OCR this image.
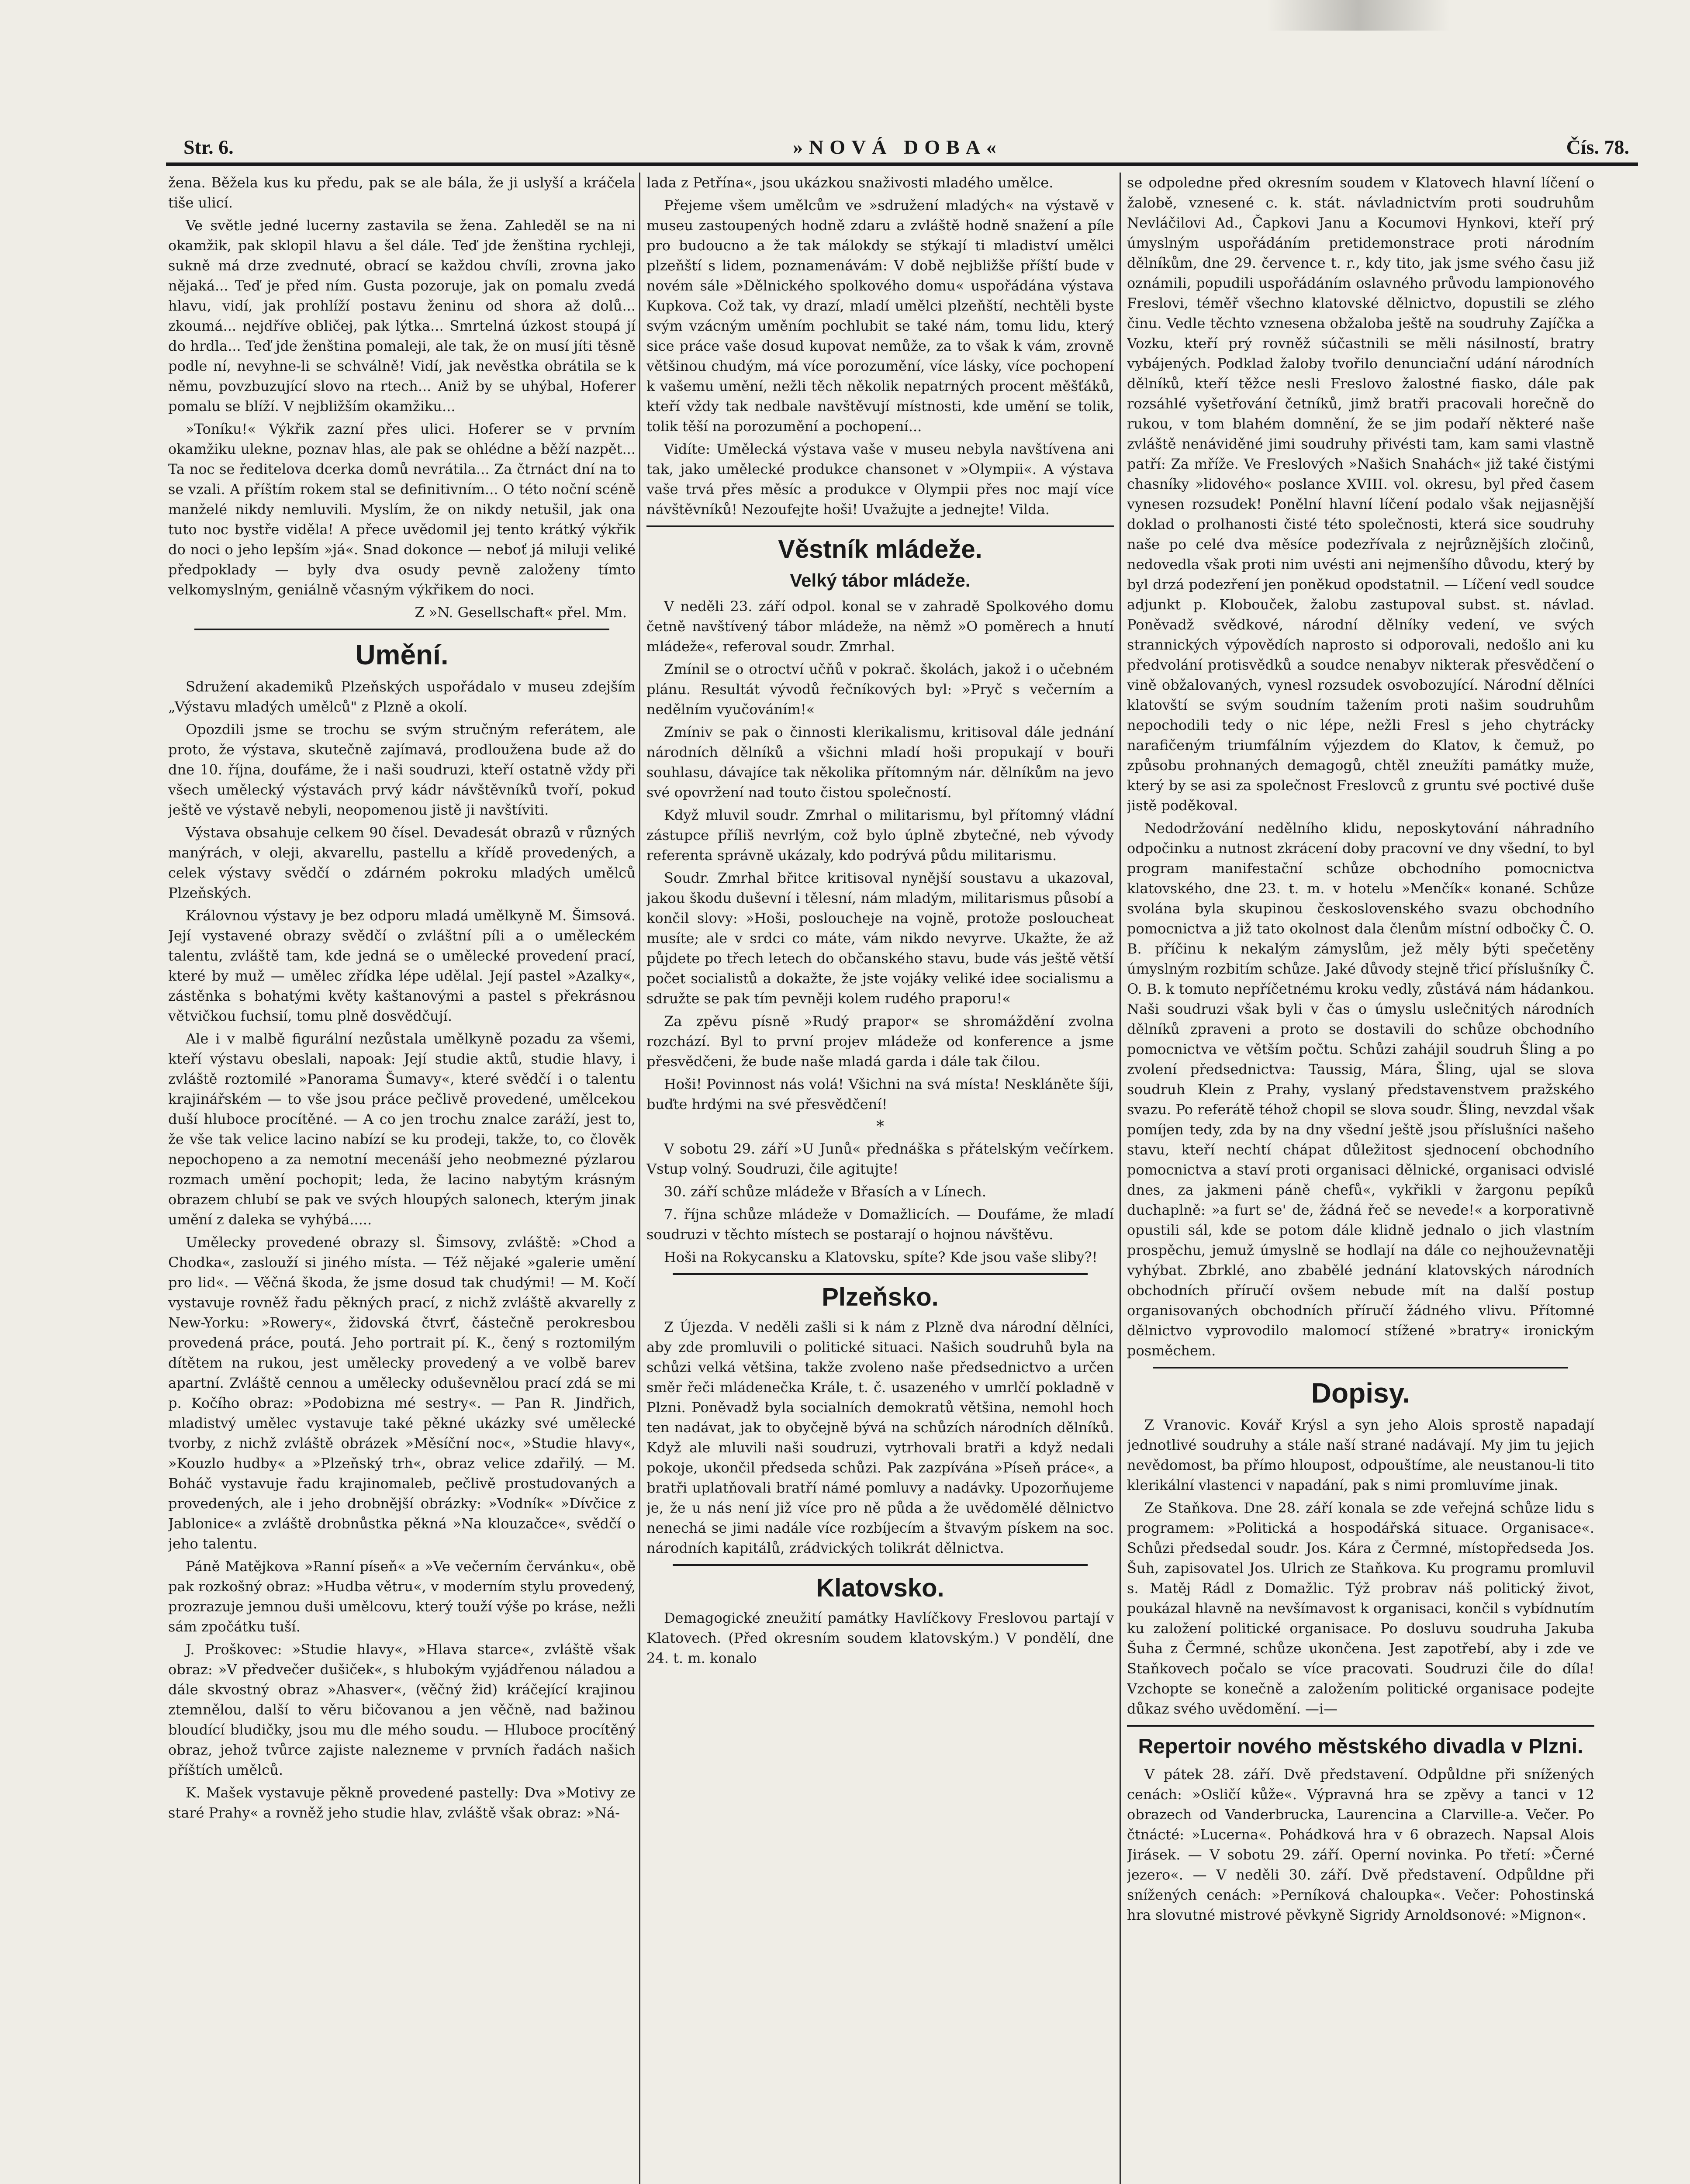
Str. 6.	»NOVÁ DOBA«	Čís. 78.

žena. Běžela kus ku předu, pak se ale bála, že ji uslyší a kráčela tiše ulicí.

Ve světle jedné lucerny zastavila se žena. Zahleděl se na ni okamžik, pak sklopil hlavu a šel dále. Teď jde ženština rychleji, sukně má drze zvednuté, obrací se každou chvíli, zrovna jako nějaká... Teď je před ním. Gusta pozoruje, jak on pomalu zvedá hlavu, vidí, jak prohlíží postavu ženinu od shora až dolů... zkoumá... nejdříve obličej, pak lýtka... Smrtelná úzkost stoupá jí do hrdla... Teď jde ženština pomaleji, ale tak, že on musí jíti těsně podle ní, nevyhne-li se schválně! Vidí, jak nevěstka obrátila se k němu, povzbuzující slovo na rtech... Aniž by se uhýbal, Hoferer pomalu se blíží. V nejbližším okamžiku...

»Toníku!« Výkřik zazní přes ulici. Hoferer se v prvním okamžiku ulekne, poznav hlas, ale pak se ohlédne a běží nazpět... Ta noc se ředitelova dcerka domů nevrátila... Za čtrnáct dní na to se vzali. A příštím rokem stal se definitivním... O této noční scéně manželé nikdy nemluvili. Myslím, že on nikdy netušil, jak ona tuto noc bystře viděla! A přece uvědomil jej tento krátký výkřik do noci o jeho lepším »já«. Snad dokonce — neboť já miluji veliké předpoklady — byly dva osudy pevně založeny tímto velkomyslným, geniálně včasným výkřikem do noci.

Z »N. Gesellschaft« přel. Mm.
Umění.

Sdružení akademiků Plzeňských uspořádalo v museu zdejším „Výstavu mladých umělců" z Plzně a okolí.

Opozdili jsme se trochu se svým stručným referátem, ale proto, že výstava, skutečně zajímavá, prodloužena bude až do dne 10. října, doufáme, že i naši soudruzi, kteří ostatně vždy při všech umělecký výstavách prvý kádr návštěvníků tvoří, pokud ještě ve výstavě nebyli, neopomenou jistě ji navštíviti.

Výstava obsahuje celkem 90 čísel. Devadesát obrazů v různých manýrách, v oleji, akvarellu, pastellu a křídě provedených, a celek výstavy svědčí o zdárném pokroku mladých umělců Plzeňských.

Královnou výstavy je bez odporu mladá umělkyně M. Šimsová. Její vystavené obrazy svědčí o zvláštní píli a o uměleckém talentu, zvláště tam, kde jedná se o umělecké provedení prací, které by muž — umělec zřídka lépe udělal. Její pastel »Azalky«, zástěnka s bohatými květy kaštanovými a pastel s překrásnou větvičkou fuchsií, tomu plně dosvědčují.

Ale i v malbě figurální nezůstala umělkyně pozadu za všemi, kteří výstavu obeslali, napoak: Její studie aktů, studie hlavy, i zvláště roztomilé »Panorama Šumavy«, které svědčí i o talentu krajinářském — to vše jsou práce pečlivě provedené, umělcekou duší hluboce procítěné. — A co jen trochu znalce zaráží, jest to, že vše tak velice lacino nabízí se ku prodeji, takže, to, co člověk nepochopeno a za nemotní mecenáší jeho neobmezné pýzlarou rozmach umění pochopit; leda, že lacino nabytým krásným obrazem chlubí se pak ve svých hloupých salonech, kterým jinak umění z daleka se vyhýbá.....

Umělecky provedené obrazy sl. Šimsovy, zvláště: »Chod a Chodka«, zaslouží si jiného místa. — Též nějaké »galerie umění pro lid«. — Věčná škoda, že jsme dosud tak chudými! — M. Kočí vystavuje rovněž řadu pěkných prací, z nichž zvláště akvarelly z New-Yorku: »Rowery«, židovská čtvrť, částečně perokresbou provedená práce, poutá. Jeho portrait pí. K., čený s roztomilým dítětem na rukou, jest umělecky provedený a ve volbě barev apartní. Zvláště cennou a umělecky oduševnělou prací zdá se mi p. Kočího obraz: »Podobizna mé sestry«. — Pan R. Jindřich, mladistvý umělec vystavuje také pěkné ukázky své umělecké tvorby, z nichž zvláště obrázek »Měsíční noc«, »Studie hlavy«, »Kouzlo hudby« a »Plzeňský trh«, obraz velice zdařilý. — M. Boháč vystavuje řadu krajinomaleb, pečlivě prostudovaných a provedených, ale i jeho drobnější obrázky: »Vodník« »Dívčice z Jablonice« a zvláště drobnůstka pěkná »Na klouzačce«, svědčí o jeho talentu.

Páně Matějkova »Ranní píseň« a »Ve večerním červánku«, obě pak rozkošný obraz: »Hudba větru«, v moderním stylu provedený, prozrazuje jemnou duši umělcovu, který touží výše po kráse, nežli sám zpočátku tuší.

J. Proškovec: »Studie hlavy«, »Hlava starce«, zvláště však obraz: »V předvečer dušiček«, s hlubokým vyjádřenou náladou a dále skvostný obraz »Ahasver«, (věčný žid) kráčející krajinou ztemnělou, další to věru bičovanou a jen věčně, nad bažinou bloudící bludičky, jsou mu dle mého soudu. — Hluboce procítěný obraz, jehož tvůrce zajiste nalezneme v prvních řadách našich příštích umělců.

K. Mašek vystavuje pěkně provedené pastelly: Dva »Motivy ze staré Prahy« a rovněž jeho studie hlav, zvláště však obraz: »Ná-

lada z Petřína«, jsou ukázkou snaživosti mladého umělce.

Přejeme všem umělcům ve »sdružení mladých« na výstavě v museu zastoupených hodně zdaru a zvláště hodně snažení a píle pro budoucno a že tak málokdy se stýkají ti mladiství umělci plzeňští s lidem, poznamenávám: V době nejbližše příští bude v novém sále »Dělnického spolkového domu« uspořádána výstava Kupkova. Což tak, vy drazí, mladí umělci plzeňští, nechtěli byste svým vzácným uměním pochlubit se také nám, tomu lidu, který sice práce vaše dosud kupovat nemůže, za to však k vám, zrovně většinou chudým, má více porozumění, více lásky, více pochopení k vašemu umění, nežli těch několik nepatrných procent měšťáků, kteří vždy tak nedbale navštěvují místnosti, kde umění se tolik, tolik těší na porozumění a pochopení...

Vidíte: Umělecká výstava vaše v museu nebyla navštívena ani tak, jako umělecké produkce chansonet v »Olympii«. A výstava vaše trvá přes měsíc a produkce v Olympii přes noc mají více návštěvníků! Nezoufejte hoši! Uvažujte a jednejte! Vilda.

Věstník mládeže.
Velký tábor mládeže.

V neděli 23. září odpol. konal se v zahradě Spolkového domu četně navštívený tábor mládeže, na němž »O poměrech a hnutí mládeže«, referoval soudr. Zmrhal.

Zmínil se o otroctví učňů v pokrač. školách, jakož i o učebném plánu. Resultát vývodů řečníkových byl: »Pryč s večerním a nedělním vyučováním!«

Zmíniv se pak o činnosti klerikalismu, kritisoval dále jednání národních dělníků a všichni mladí hoši propukají v bouři souhlasu, dávajíce tak několika přítomným nár. dělníkům na jevo své opovržení nad touto čistou společností.

Když mluvil soudr. Zmrhal o militarismu, byl přítomný vládní zástupce příliš nevrlým, což bylo úplně zbytečné, neb vývody referenta správně ukázaly, kdo podrývá půdu militarismu.

Soudr. Zmrhal břitce kritisoval nynější soustavu a ukazoval, jakou škodu duševní i tělesní, nám mladým, militarismus působí a končil slovy: »Hoši, posloucheje na vojně, protože posloucheat musíte; ale v srdci co máte, vám nikdo nevyrve. Ukažte, že až půjdete po třech letech do občanského stavu, bude vás ještě větší počet socialistů a dokažte, že jste vojáky veliké idee socialismu a sdružte se pak tím pevněji kolem rudého praporu!«

Za zpěvu písně »Rudý prapor« se shromáždění zvolna rozchází. Byl to první projev mládeže od konference a jsme přesvědčeni, že bude naše mladá garda i dále tak čilou.

Hoši! Povinnost nás volá! Všichni na svá místa! Neskláněte šíji, buďte hrdými na své přesvědčení!

*

V sobotu 29. září »U Junů« přednáška s přátelským večírkem. Vstup volný. Soudruzi, čile agitujte!

30. září schůze mládeže v Břasích a v Línech.

7. října schůze mládeže v Domažlicích. — Doufáme, že mladí soudruzi v těchto místech se postarají o hojnou návštěvu.

Hoši na Rokycansku a Klatovsku, spíte? Kde jsou vaše sliby?!

Plzeňsko.

Z Újezda. V neděli zašli si k nám z Plzně dva národní dělníci, aby zde promluvili o politické situaci. Našich soudruhů byla na schůzi velká většina, takže zvoleno naše předsednictvo a určen směr řeči mládenečka Krále, t. č. usazeného v umrlčí pokladně v Plzni. Poněvadž byla socialních demokratů většina, nemohl hoch ten nadávat, jak to obyčejně bývá na schůzích národních dělníků. Když ale mluvili naši soudruzi, vytrhovali bratři a když nedali pokoje, ukončil předseda schůzi. Pak zazpívána »Píseň práce«, a bratři uplatňovali bratří námé pomluvy a nadávky. Upozorňujeme je, že u nás není již více pro ně půda a že uvědomělé dělnictvo nenechá se jimi nadále více rozbíjecím a štvavým pískem na soc. národních kapitálů, zrádvických tolikrát dělnictva.

Klatovsko.

Demagogické zneužití památky Havlíčkovy Freslovou partají v Klatovech. (Před okresním soudem klatovským.) V pondělí, dne 24. t. m. konalo

se odpoledne před okresním soudem v Klatovech hlavní líčení o žalobě, vznesené c. k. stát. návladnictvím proti soudruhům Nevláčilovi Ad., Čapkovi Janu a Kocumovi Hynkovi, kteří prý úmyslným uspořádáním pretidemonstrace proti národním dělníkům, dne 29. července t. r., kdy tito, jak jsme svého času již oznámili, popudili uspořádáním oslavného průvodu lampionového Freslovi, téměř všechno klatovské dělnictvo, dopustili se zlého činu. Vedle těchto vznesena obžaloba ještě na soudruhy Zajíčka a Vozku, kteří prý rovněž súčastnili se měli násilností, bratry vybájených. Podklad žaloby tvořilo denunciační udání národních dělníků, kteří těžce nesli Freslovo žalostné fiasko, dále pak rozsáhlé vyšetřování četníků, jimž bratři pracovali horečně do rukou, v tom blahém domnění, že se jim podaří některé naše zvláště nenáviděné jimi soudruhy přivésti tam, kam sami vlastně patří: Za mříže. Ve Freslových »Našich Snahách« již také čistými chasníky »lidového« poslance XVIII. vol. okresu, byl před časem vynesen rozsudek! Ponělní hlavní líčení podalo však nejjasnější doklad o prolhanosti čisté této společnosti, která sice soudruhy naše po celé dva měsíce podezřívala z nejrůznějších zločinů, nedovedla však proti nim uvésti ani nejmenšího důvodu, který by byl drzá podezření jen poněkud opodstatnil. — Líčení vedl soudce adjunkt p. Klobouček, žalobu zastupoval subst. st. návlad. Poněvadž svědkové, národní dělníky vedení, ve svých strannických výpovědích naprosto si odporovali, nedošlo ani ku předvolání protisvědků a soudce nenabyv nikterak přesvědčení o vině obžalovaných, vynesl rozsudek osvobozující. Národní dělníci klatovští se svým soudním tažením proti našim soudruhům nepochodili tedy o nic lépe, nežli Fresl s jeho chytrácky narafičeným triumfálním výjezdem do Klatov, k čemuž, po způsobu prohnaných demagogů, chtěl zneužíti památky muže, který by se asi za společnost Freslovců z gruntu své poctivé duše jistě poděkoval.

Nedodržování nedělního klidu, neposkytování náhradního odpočinku a nutnost zkrácení doby pracovní ve dny všední, to byl program manifestační schůze obchodního pomocnictva klatovského, dne 23. t. m. v hotelu »Menčík« konané. Schůze svolána byla skupinou československého svazu obchodního pomocnictva a již tato okolnost dala členům místní odbočky Č. O. B. příčinu k nekalým zámyslům, jež měly býti spečetěny úmyslným rozbitím schůze. Jaké důvody stejně třicí příslušníky Č. O. B. k tomuto nepříčetnému kroku vedly, zůstává nám hádankou. Naši soudruzi však byli v čas o úmyslu uslečnitých národních dělníků zpraveni a proto se dostavili do schůze obchodního pomocnictva ve větším počtu. Schůzi zahájil soudruh Šling a po zvolení předsednictva: Taussig, Mára, Šling, ujal se slova soudruh Klein z Prahy, vyslaný představenstvem pražského svazu. Po referátě téhož chopil se slova soudr. Šling, nevzdal však pomíjen tedy, zda by na dny všední ještě jsou příslušníci našeho stavu, kteří nechtí chápat důležitost sjednocení obchodního pomocnictva a staví proti organisaci dělnické, organisaci odvislé dnes, za jakmeni páně chefů«, vykřikli v žargonu pepíků duchaplně: »a furt se' de, žádná řeč se nevede!« a korporativně opustili sál, kde se potom dále klidně jednalo o jich vlastním prospěchu, jemuž úmyslně se hodlají na dále co nejhouževnatěji vyhýbat. Zbrklé, ano zbabělé jednání klatovských národních obchodních příručí ovšem nebude mít na další postup organisovaných obchodních příručí žádného vlivu. Přítomné dělnictvo vyprovodilo malomocí stížené »bratry« ironickým posměchem.

Dopisy.

Z Vranovic. Kovář Krýsl a syn jeho Alois sprostě napadají jednotlivé soudruhy a stále naší strané nadávají. My jim tu jejich nevědomost, ba přímo hloupost, odpouštíme, ale neustanou-li tito klerikální vlastenci v napadání, pak s nimi promluvíme jinak.

Ze Staňkova. Dne 28. září konala se zde veřejná schůze lidu s programem: »Politická a hospodářská situace. Organisace«. Schůzi předsedal soudr. Jos. Kára z Čermné, místopředseda Jos. Šuh, zapisovatel Jos. Ulrich ze Staňkova. Ku programu promluvil s. Matěj Rádl z Domažlic. Týž probrav náš politický život, poukázal hlavně na nevšímavost k organisaci, končil s vybídnutím ku založení politické organisace. Po dosluvu soudruha Jakuba Šuha z Čermné, schůze ukončena. Jest zapotřebí, aby i zde ve Staňkovech počalo se více pracovati. Soudruzi čile do díla! Vzchopte se konečně a založením politické organisace podejte důkaz svého uvědomění. —i—

Repertoir nového městského divadla v Plzni.

V pátek 28. září. Dvě představení. Odpůldne při snížených cenách: »Osličí kůže«. Výpravná hra se zpěvy a tanci v 12 obrazech od Vanderbrucka, Laurencina a Clarville-a. Večer. Po čtnácté: »Lucerna«. Pohádková hra v 6 obrazech. Napsal Alois Jirásek. — V sobotu 29. září. Operní novinka. Po třetí: »Černé jezero«. — V neděli 30. září. Dvě představení. Odpůldne při snížených cenách: »Perníková chaloupka«. Večer: Pohostinská hra slovutné mistrové pěvkyně Sigridy Arnoldsonové: »Mignon«.
